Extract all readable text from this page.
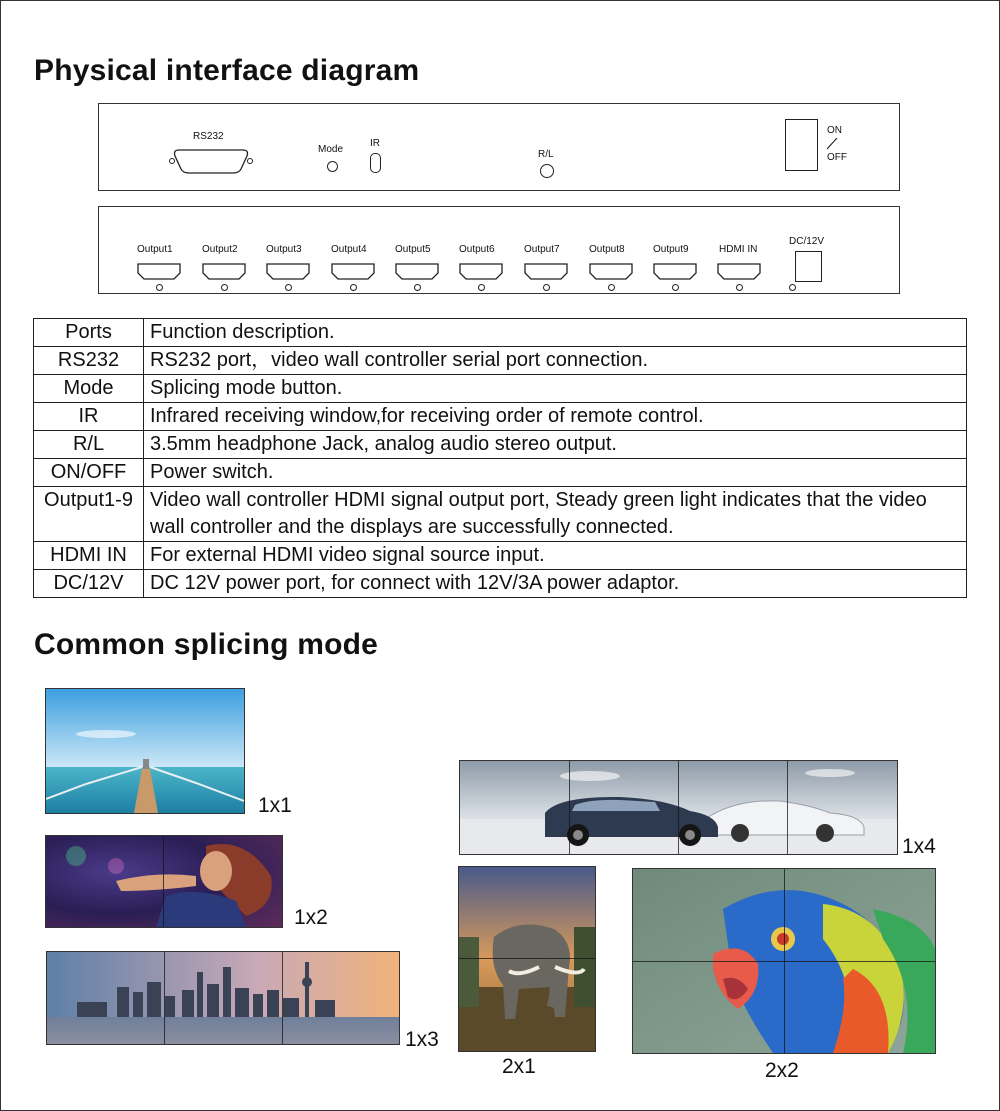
Physical interface diagram
RS232
Mode
IR
R/L
ON
OFF
DC/12V
Output1	Output2	Output3	Output4	Output5	Output6	Output7	Output8	Output9	HDMI IN
Ports	Function description.
RS232	RS232 port，video wall controller serial port connection.
Mode	Splicing mode button.
IR	Infrared receiving window,for receiving order of remote control.
R/L	3.5mm headphone Jack, analog audio stereo output.
ON/OFF	Power switch.
Output1-9	Video wall controller HDMI signal output port, Steady green light indicates that the video wall controller and the displays are successfully connected.
HDMI IN	For external HDMI video signal source input.
DC/12V	DC 12V power port, for connect with 12V/3A power adaptor.
Common splicing mode
1x1
1x2
1x3
1x4
2x1	2x2
